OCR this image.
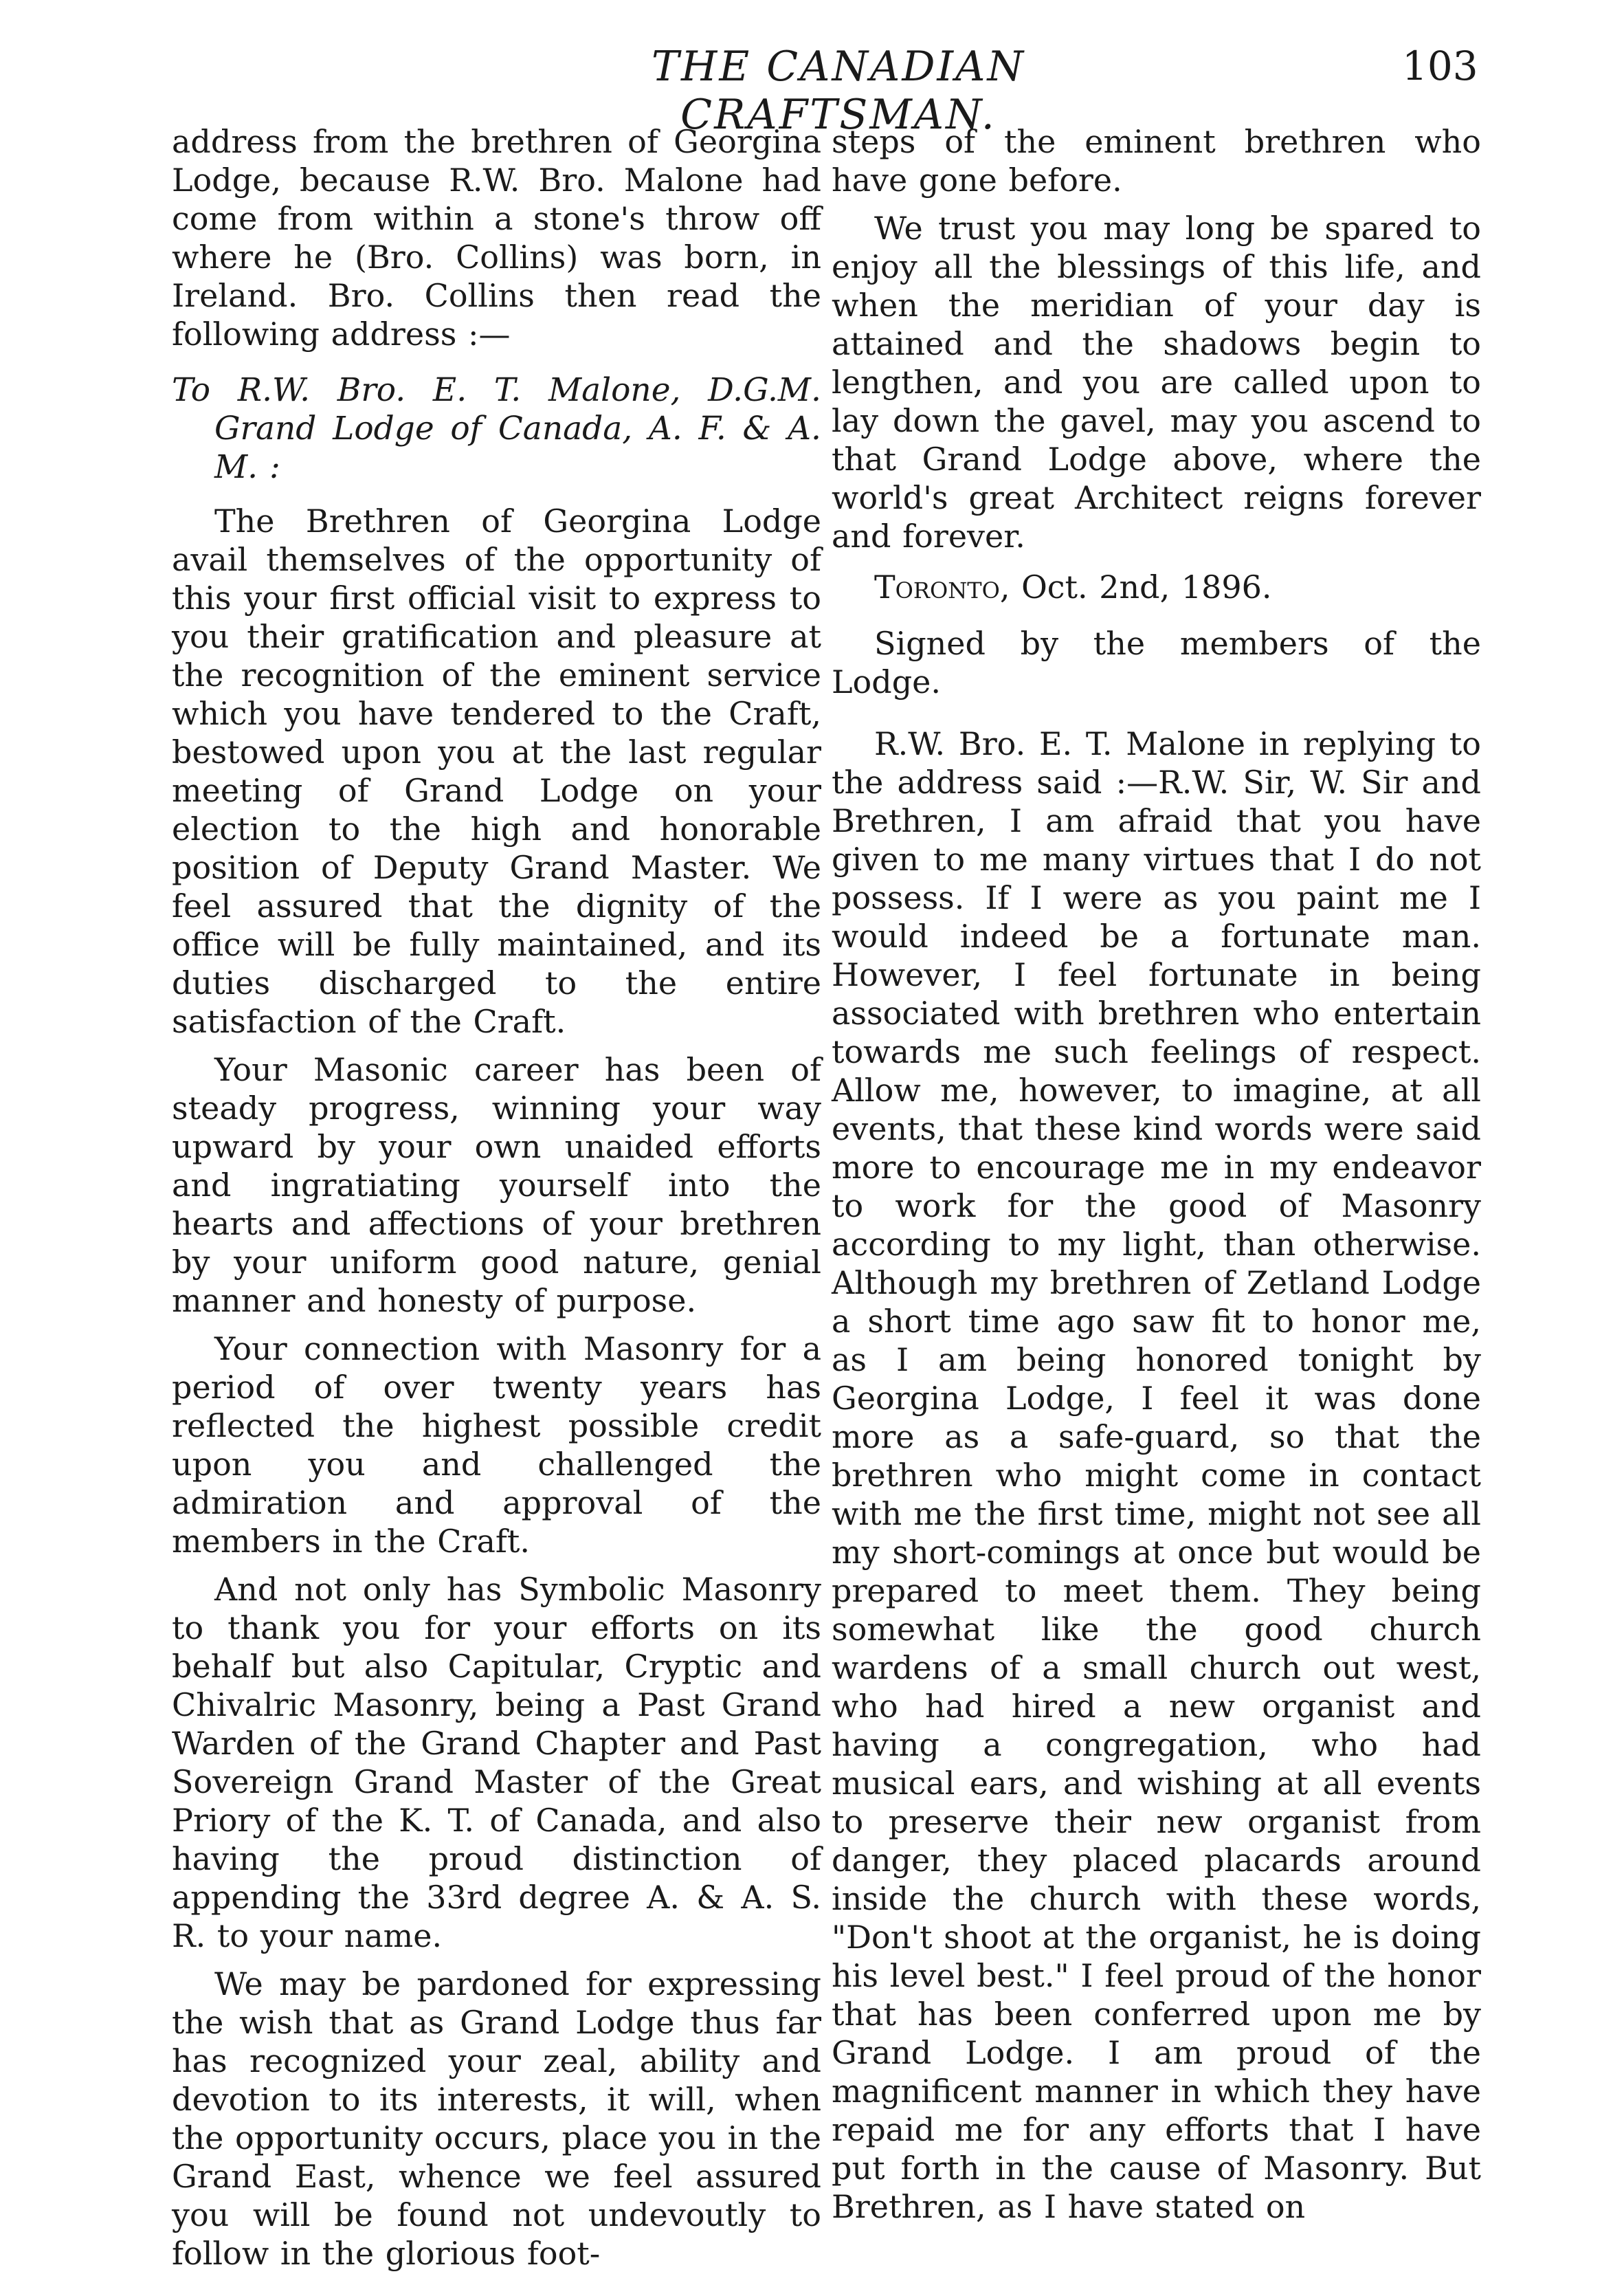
THE CANADIAN CRAFTSMAN.
103

address from the brethren of Georgina Lodge, because R.W. Bro. Malone had come from within a stone's throw off where he (Bro. Collins) was born, in Ireland. Bro. Collins then read the following address :—

To R.W. Bro. E. T. Malone, D.G.M. Grand Lodge of Canada, A. F. & A. M. :

The Brethren of Georgina Lodge avail themselves of the opportunity of this your first official visit to express to you their gratification and pleasure at the recognition of the eminent service which you have tendered to the Craft, bestowed upon you at the last regular meeting of Grand Lodge on your election to the high and honorable position of Deputy Grand Master. We feel assured that the dignity of the office will be fully maintained, and its duties discharged to the entire satisfaction of the Craft.

Your Masonic career has been of steady progress, winning your way upward by your own unaided efforts and ingratiating yourself into the hearts and affections of your brethren by your uniform good nature, genial manner and honesty of purpose.

Your connection with Masonry for a period of over twenty years has reflected the highest possible credit upon you and challenged the admiration and approval of the members in the Craft.

And not only has Symbolic Masonry to thank you for your efforts on its behalf but also Capitular, Cryptic and Chivalric Masonry, being a Past Grand Warden of the Grand Chapter and Past Sovereign Grand Master of the Great Priory of the K. T. of Canada, and also having the proud distinction of appending the 33rd degree A. & A. S. R. to your name.

We may be pardoned for expressing the wish that as Grand Lodge thus far has recognized your zeal, ability and devotion to its interests, it will, when the opportunity occurs, place you in the Grand East, whence we feel assured you will be found not undevoutly to follow in the glorious foot-

steps of the eminent brethren who have gone before.

We trust you may long be spared to enjoy all the blessings of this life, and when the meridian of your day is attained and the shadows begin to lengthen, and you are called upon to lay down the gavel, may you ascend to that Grand Lodge above, where the world's great Architect reigns forever and forever.

Toronto, Oct. 2nd, 1896.

Signed by the members of the Lodge.

R.W. Bro. E. T. Malone in replying to the address said :—R.W. Sir, W. Sir and Brethren, I am afraid that you have given to me many virtues that I do not possess. If I were as you paint me I would indeed be a fortunate man. However, I feel fortunate in being associated with brethren who entertain towards me such feelings of respect. Allow me, however, to imagine, at all events, that these kind words were said more to encourage me in my endeavor to work for the good of Masonry according to my light, than otherwise. Although my brethren of Zetland Lodge a short time ago saw fit to honor me, as I am being honored tonight by Georgina Lodge, I feel it was done more as a safe-guard, so that the brethren who might come in contact with me the first time, might not see all my short-comings at once but would be prepared to meet them. They being somewhat like the good church wardens of a small church out west, who had hired a new organist and having a congregation, who had musical ears, and wishing at all events to preserve their new organist from danger, they placed placards around inside the church with these words, "Don't shoot at the organist, he is doing his level best." I feel proud of the honor that has been conferred upon me by Grand Lodge. I am proud of the magnificent manner in which they have repaid me for any efforts that I have put forth in the cause of Masonry. But Brethren, as I have stated on
